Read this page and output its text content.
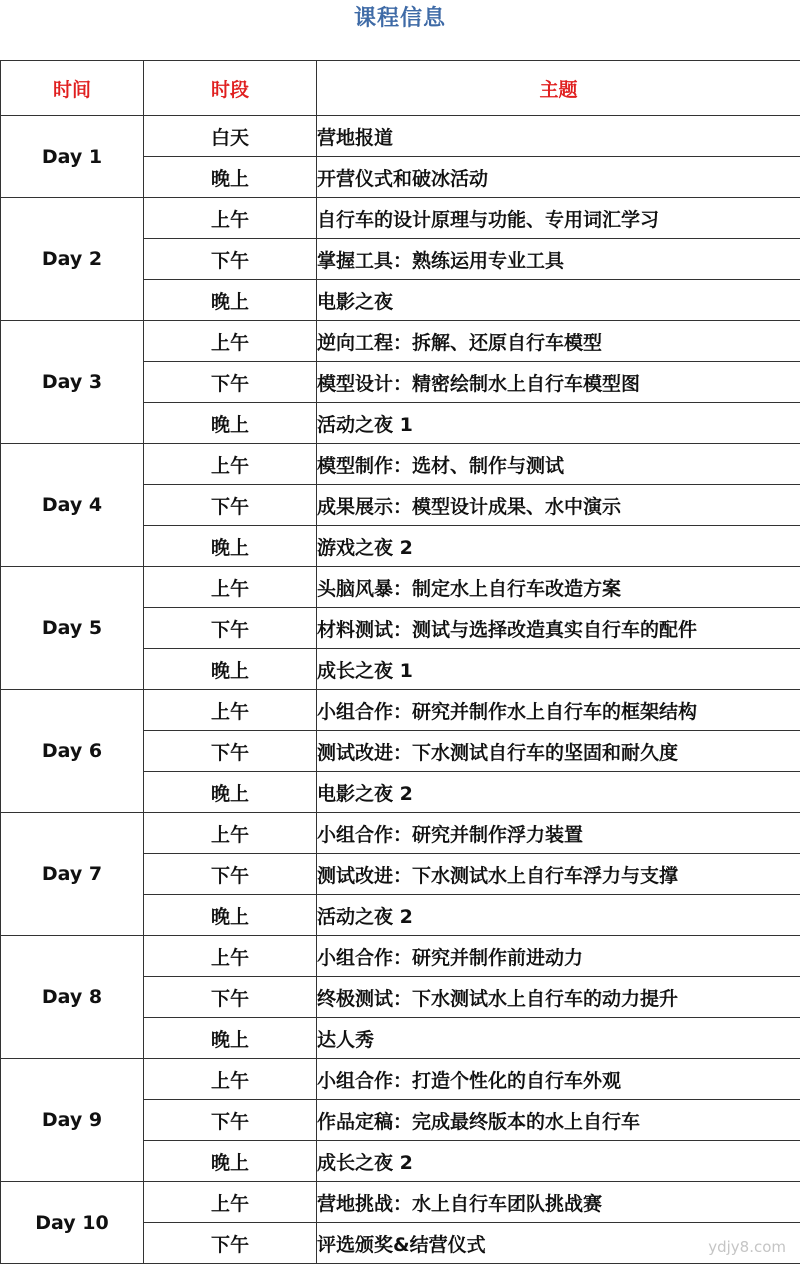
课程信息
时间	时段	主题
Day 1	白天	营地报道
	晚上	开营仪式和破冰活动
Day 2	上午	自行车的设计原理与功能、专用词汇学习
	下午	掌握工具：熟练运用专业工具
	晚上	电影之夜
Day 3	上午	逆向工程：拆解、还原自行车模型
	下午	模型设计：精密绘制水上自行车模型图
	晚上	活动之夜 1
Day 4	上午	模型制作：选材、制作与测试
	下午	成果展示：模型设计成果、水中演示
	晚上	游戏之夜 2
Day 5	上午	头脑风暴：制定水上自行车改造方案
	下午	材料测试：测试与选择改造真实自行车的配件
	晚上	成长之夜 1
Day 6	上午	小组合作：研究并制作水上自行车的框架结构
	下午	测试改进：下水测试自行车的坚固和耐久度
	晚上	电影之夜 2
Day 7	上午	小组合作：研究并制作浮力装置
	下午	测试改进：下水测试水上自行车浮力与支撑
	晚上	活动之夜 2
Day 8	上午	小组合作：研究并制作前进动力
	下午	终极测试：下水测试水上自行车的动力提升
	晚上	达人秀
Day 9	上午	小组合作：打造个性化的自行车外观
	下午	作品定稿：完成最终版本的水上自行车
	晚上	成长之夜 2
Day 10	上午	营地挑战：水上自行车团队挑战赛
	下午	评选颁奖&结营仪式	ydjy8.com
